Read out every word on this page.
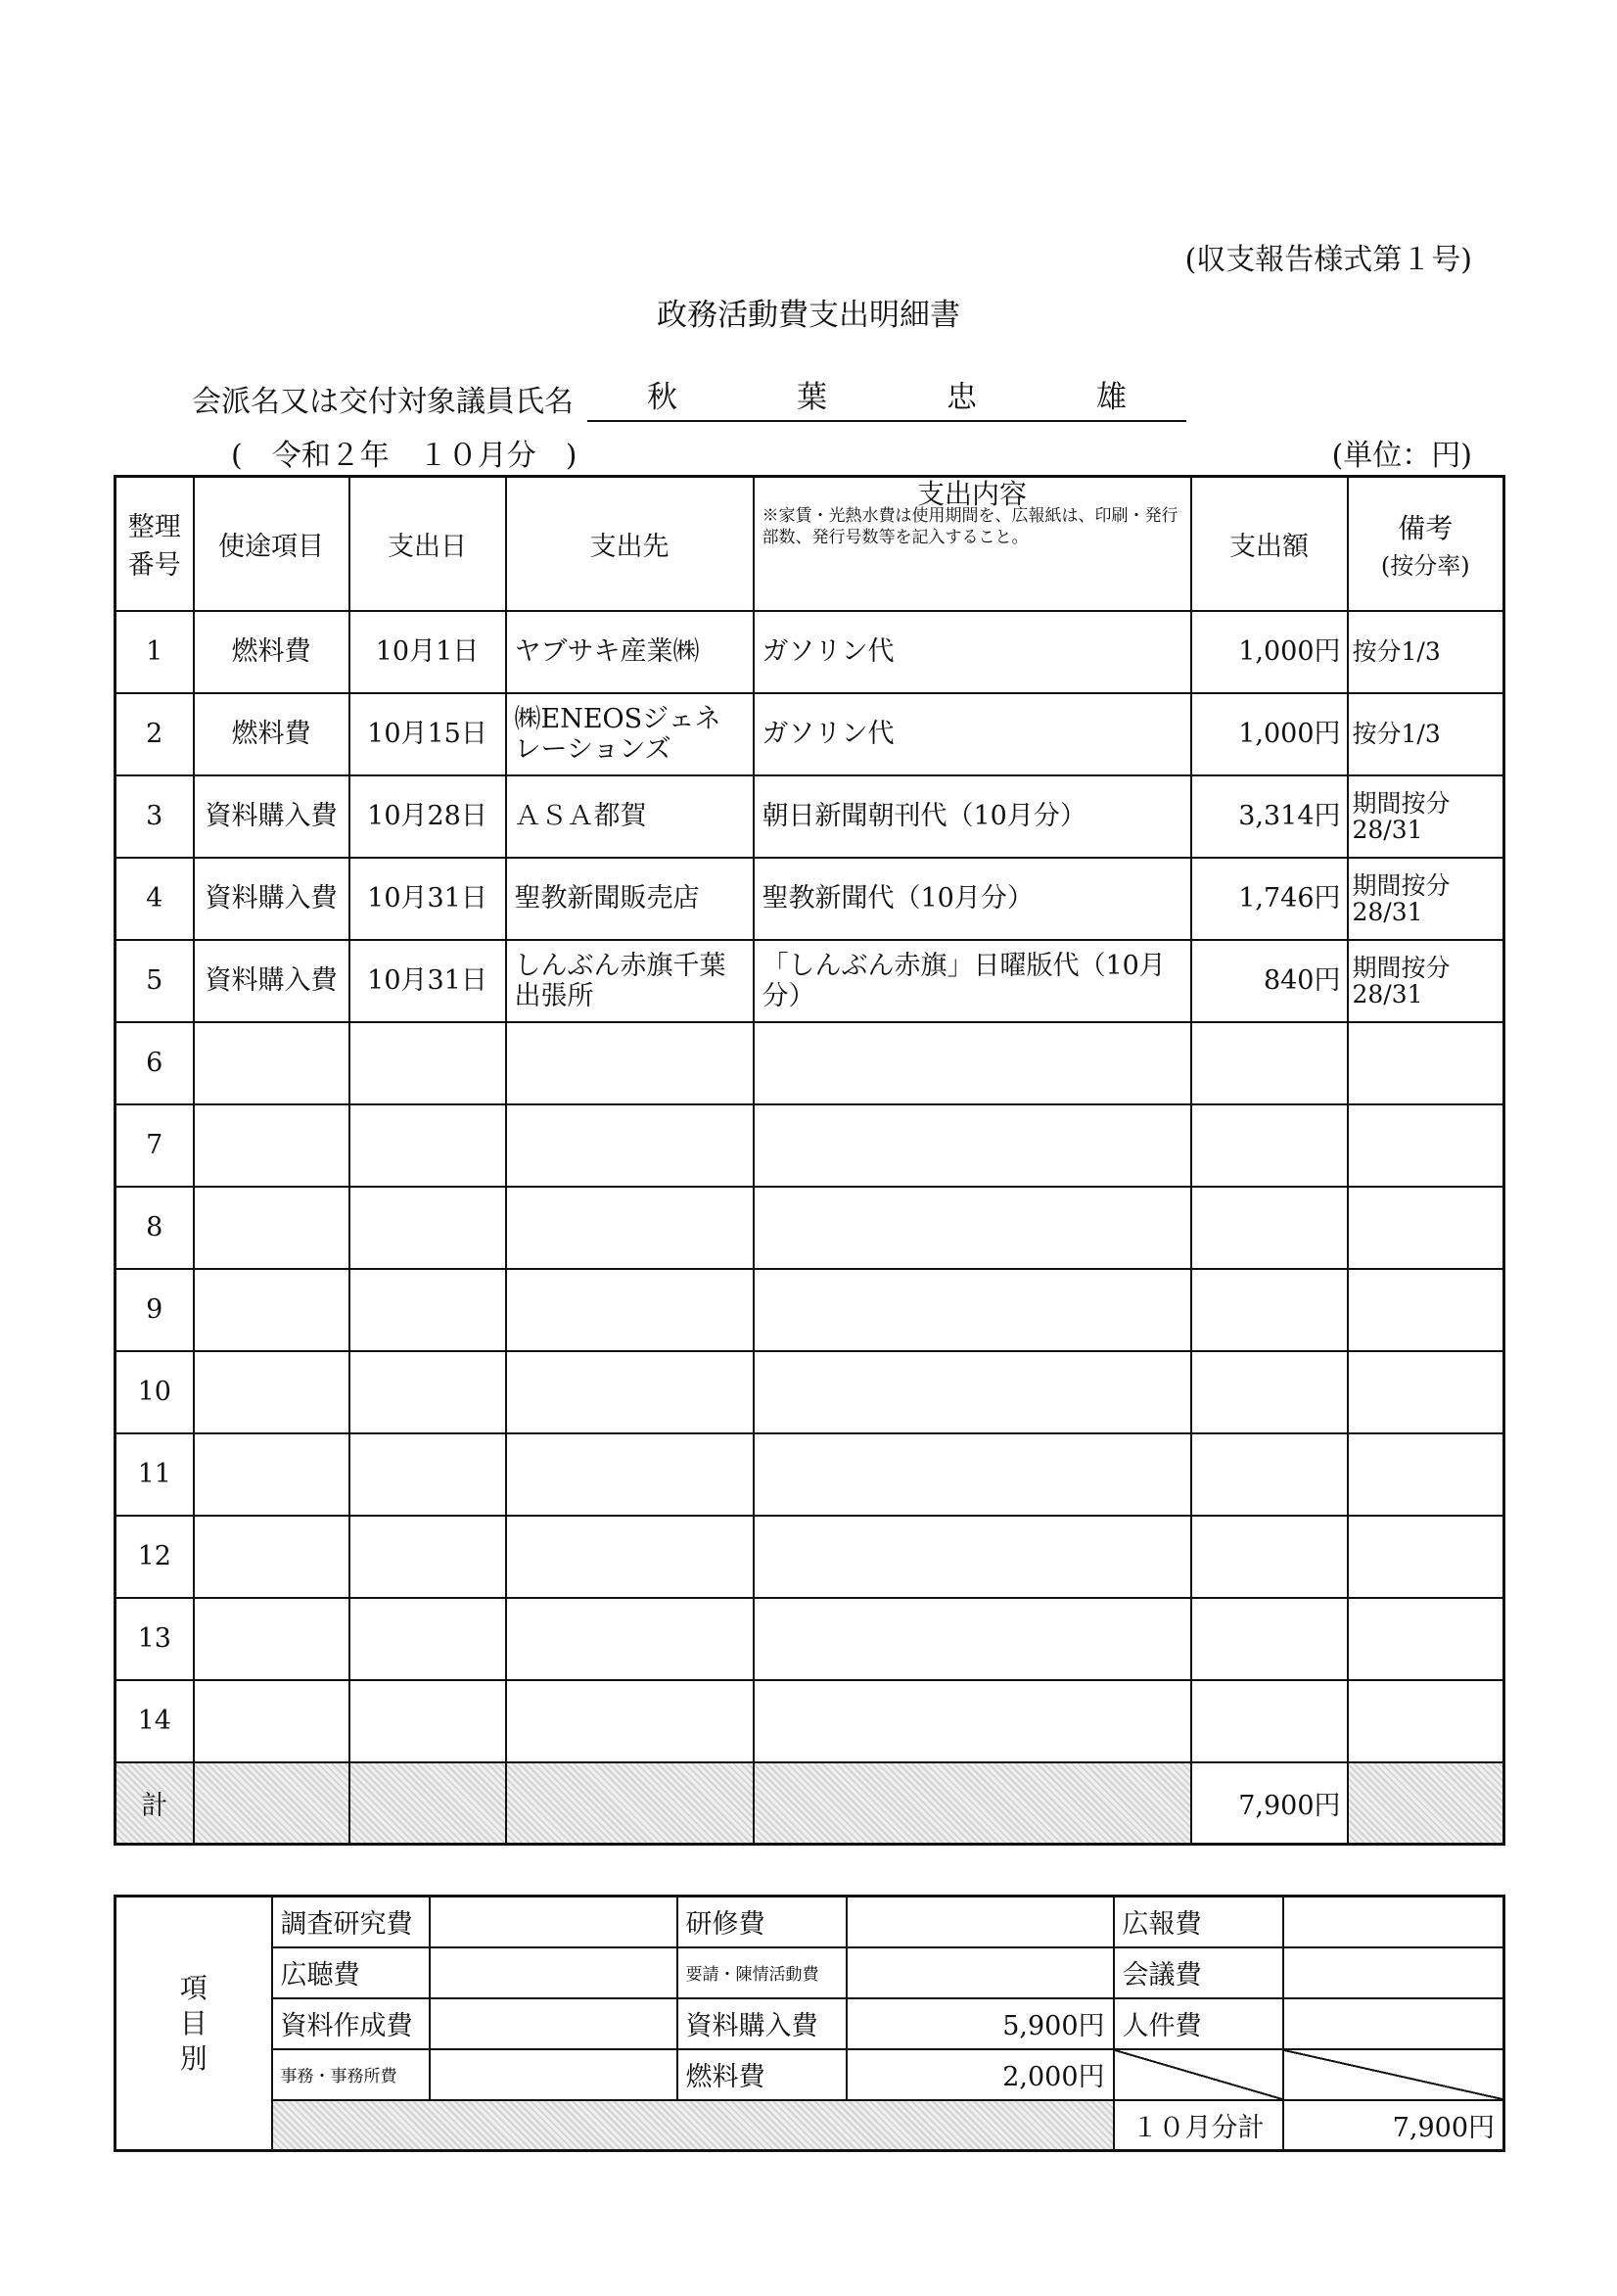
(収支報告様式第１号)
政務活動費支出明細書
会派名又は交付対象議員氏名 秋	葉	忠	雄
(　令和２年　１０月分　)	(単位：円)
整理
番号	使途項目	支出日	支出先	支出内容
※家賃・光熱水費は使用期間を、広報紙は、印刷・発行部数、発行号数等を記入すること。	支出額	備考
(按分率)

1	燃料費	10月1日	ヤブサキ産業㈱	ガソリン代	1,000円	按分1/3
2	燃料費	10月15日	㈱ENEOSジェネレーションズ	ガソリン代	1,000円	按分1/3
3	資料購入費	10月28日	ＡＳＡ都賀	朝日新聞朝刊代（10月分）	3,314円	期間按分28/31
4	資料購入費	10月31日	聖教新聞販売店	聖教新聞代（10月分）	1,746円	期間按分28/31
5	資料購入費	10月31日	しんぶん赤旗千葉出張所	「しんぶん赤旗」日曜版代（10月分）	840円	期間按分28/31
6						
7						
8						
9						
10						
11						
12						
13						
14						
計					7,900円	
項
目
別	調査研究費		研修費		広報費	
	広聴費		要請・陳情活動費		会議費	
	資料作成費		資料購入費	5,900円	人件費	
	事務・事務所費		燃料費	2,000円		
					１０月分計	7,900円
